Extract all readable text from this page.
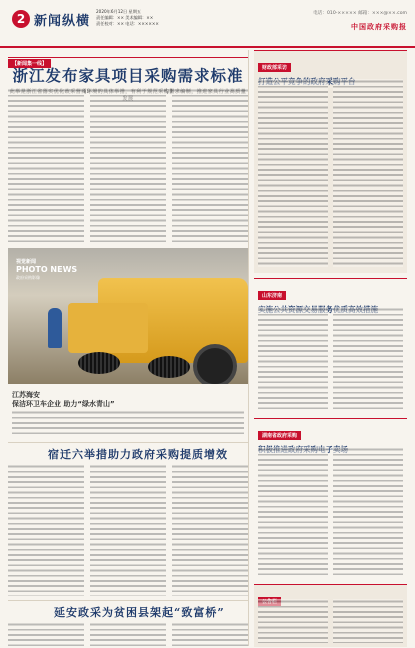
2 新闻纵横
2020年6月12日 星期五
责任编辑：×× 美术编辑：××
责任校对：×× 电话：××××××
电话：010-××××× 邮箱：×××@××.com
中国政府采购报
【新闻集一线】
浙江发布家具项目采购需求标准
视觉新闻
PHOTO NEWS
政府采购影像
江苏海安
保洁环卫车企业 助力“绿水青山”
宿迁六举措助力政府采购提质增效
延安政采为贫困县架起“致富桥”
财政部采访
山东济南
湖南省政府采购
